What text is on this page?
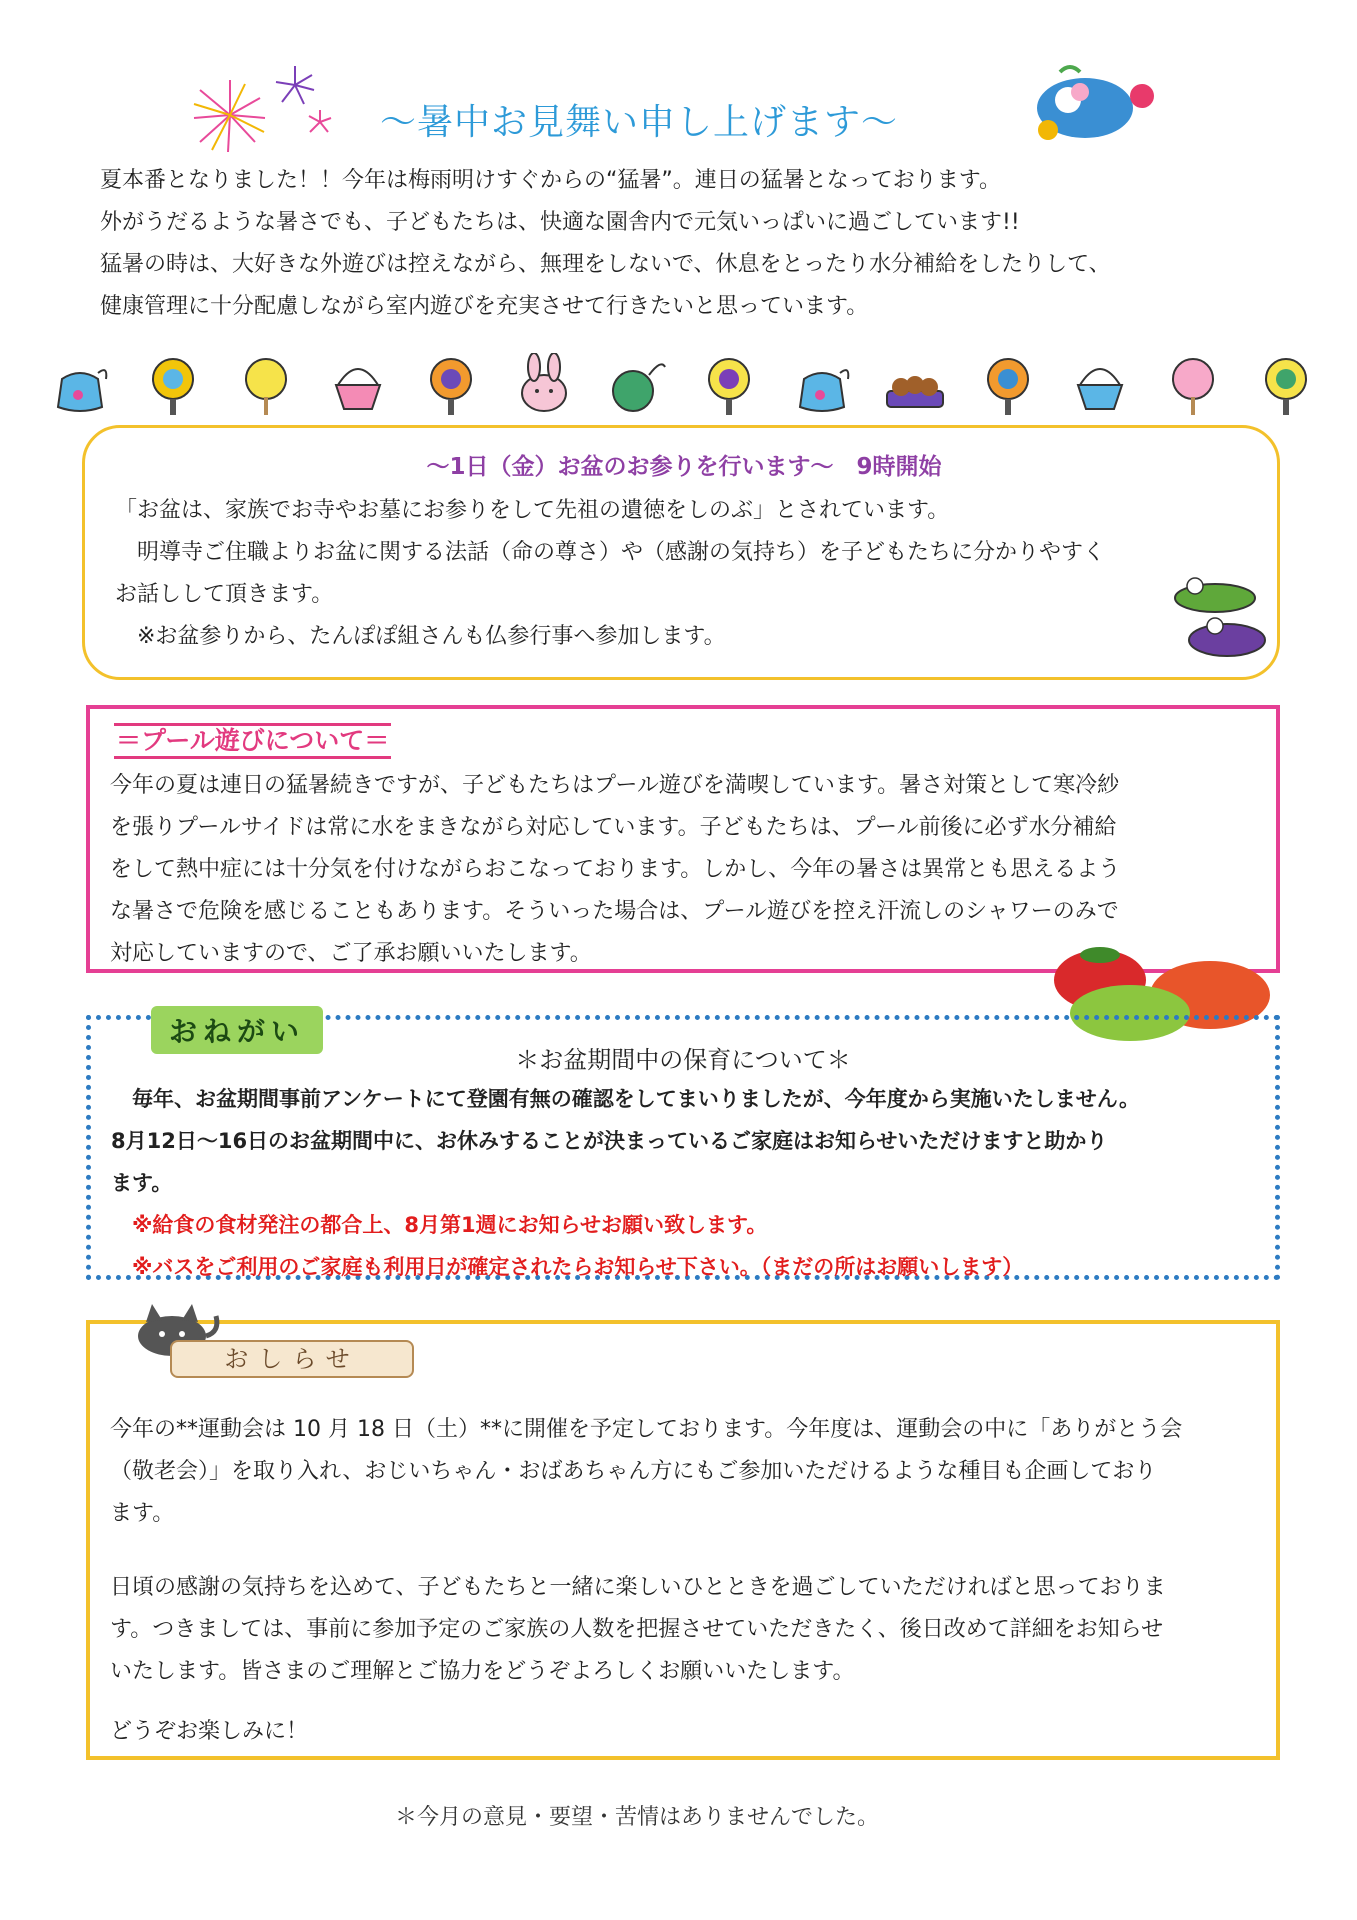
～暑中お見舞い申し上げます～

夏本番となりました！！今年は梅雨明けすぐからの“猛暑”。連日の猛暑となっております。

外がうだるような暑さでも、子どもたちは、快適な園舎内で元気いっぱいに過ごしています!!

猛暑の時は、大好きな外遊びは控えながら、無理をしないで、休息をとったり水分補給をしたりして、

健康管理に十分配慮しながら室内遊びを充実させて行きたいと思っています。

～1日（金）お盆のお参りを行います～　9時開始

「お盆は、家族でお寺やお墓にお参りをして先祖の遺徳をしのぶ」とされています。

　明導寺ご住職よりお盆に関する法話（命の尊さ）や（感謝の気持ち）を子どもたちに分かりやすく

お話しして頂きます。

　※お盆参りから、たんぽぽ組さんも仏参行事へ参加します。

＝プール遊びについて＝

今年の夏は連日の猛暑続きですが、子どもたちはプール遊びを満喫しています。暑さ対策として寒冷紗

を張りプールサイドは常に水をまきながら対応しています。子どもたちは、プール前後に必ず水分補給

をして熱中症には十分気を付けながらおこなっております。しかし、今年の暑さは異常とも思えるよう

な暑さで危険を感じることもあります。そういった場合は、プール遊びを控え汗流しのシャワーのみで

対応していますので、ご了承お願いいたします。

おねがい
＊お盆期間中の保育について＊

　毎年、お盆期間事前アンケートにて登園有無の確認をしてまいりましたが、今年度から実施いたしません。

8月12日～16日のお盆期間中に、お休みすることが決まっているご家庭はお知らせいただけますと助かり

ます。

　※給食の食材発注の都合上、8月第1週にお知らせお願い致します。

　※バスをご利用のご家庭も利用日が確定されたらお知らせ下さい。（まだの所はお願いします）

おしらせ

今年の**運動会は 10 月 18 日（土）**に開催を予定しております。今年度は、運動会の中に「ありがとう会

（敬老会）」を取り入れ、おじいちゃん・おばあちゃん方にもご参加いただけるような種目も企画しており

ます。

日頃の感謝の気持ちを込めて、子どもたちと一緒に楽しいひとときを過ごしていただければと思っておりま

す。つきましては、事前に参加予定のご家族の人数を把握させていただきたく、後日改めて詳細をお知らせ

いたします。皆さまのご理解とご協力をどうぞよろしくお願いいたします。

どうぞお楽しみに！

＊今月の意見・要望・苦情はありませんでした。
